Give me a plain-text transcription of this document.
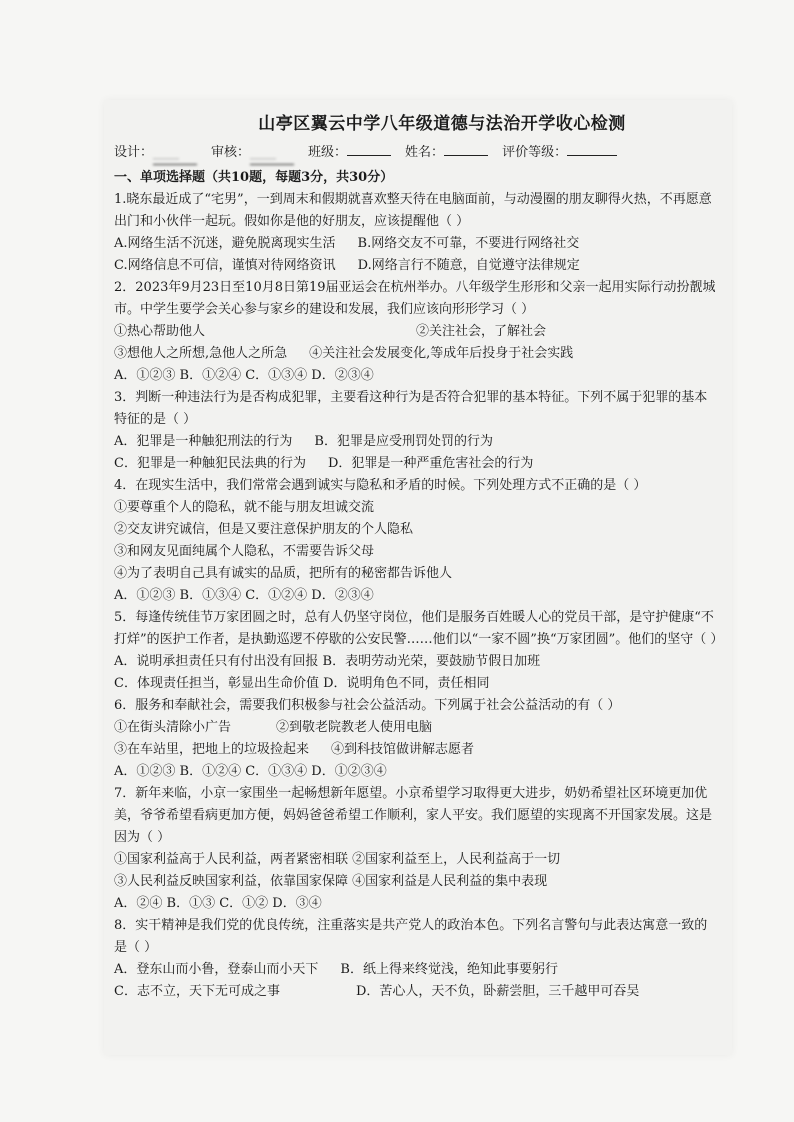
山亭区翼云中学八年级道德与法治开学收心检测
设计：____	审核：____	班级：	姓名：	评价等级：
一、单项选择题（共10题，每题3分，共30分）
1.晓东最近成了“宅男”，一到周末和假期就喜欢整天待在电脑面前，与动漫圈的朋友聊得火热，不再愿意出门和小伙伴一起玩。假如你是他的好朋友，应该提醒他（ ）
A.网络生活不沉迷，避免脱离现实生活 B.网络交友不可靠，不要进行网络社交
C.网络信息不可信，谨慎对待网络资讯 D.网络言行不随意，自觉遵守法律规定
2．2023年9月23日至10月8日第19届亚运会在杭州举办。八年级学生形形和父亲一起用实际行动扮靓城市。中学生要学会关心参与家乡的建设和发展，我们应该向形形学习（ ）
①热心帮助他人	②关注社会，了解社会
③想他人之所想,急他人之所急 ④关注社会发展变化,等成年后投身于社会实践
A．①②③ B．①②④ C．①③④ D．②③④
3．判断一种违法行为是否构成犯罪，主要看这种行为是否符合犯罪的基本特征。下列不属于犯罪的基本特征的是（ ）
A．犯罪是一种触犯刑法的行为 B．犯罪是应受刑罚处罚的行为
C．犯罪是一种触犯民法典的行为 D．犯罪是一种严重危害社会的行为
4．在现实生活中，我们常常会遇到诚实与隐私和矛盾的时候。下列处理方式不正确的是（ ）
①要尊重个人的隐私，就不能与朋友坦诚交流
②交友讲究诚信，但是又要注意保护朋友的个人隐私
③和网友见面纯属个人隐私，不需要告诉父母
④为了表明自己具有诚实的品质，把所有的秘密都告诉他人
A．①②③ B．①③④ C．①②④ D．②③④
5．每逢传统佳节万家团圆之时，总有人仍坚守岗位，他们是服务百姓暖人心的党员干部，是守护健康“不打烊”的医护工作者，是执勤巡逻不停歇的公安民警……他们以“一家不圆”换“万家团圆”。他们的坚守（ ）
A．说明承担责任只有付出没有回报 B．表明劳动光荣，要鼓励节假日加班
C．体现责任担当，彰显出生命价值 D．说明角色不同，责任相同
6．服务和奉献社会，需要我们积极参与社会公益活动。下列属于社会公益活动的有（ ）
①在街头清除小广告	②到敬老院教老人使用电脑
③在车站里，把地上的垃圾捡起来 ④到科技馆做讲解志愿者
A．①②③ B．①②④ C．①③④ D．①②③④
7．新年来临，小京一家围坐一起畅想新年愿望。小京希望学习取得更大进步，奶奶希望社区环境更加优美，爷爷希望看病更加方便，妈妈爸爸希望工作顺利，家人平安。我们愿望的实现离不开国家发展。这是因为（ ）
①国家利益高于人民利益，两者紧密相联 ②国家利益至上，人民利益高于一切
③人民利益反映国家利益，依靠国家保障 ④国家利益是人民利益的集中表现
A．②④ B．①③ C．①② D．③④
8．实干精神是我们党的优良传统，注重落实是共产党人的政治本色。下列名言警句与此表达寓意一致的是（ ）
A．登东山而小鲁，登泰山而小天下 B．纸上得来终觉浅，绝知此事要躬行
C．志不立，天下无可成之事	D．苦心人，天不负，卧薪尝胆，三千越甲可吞吴
